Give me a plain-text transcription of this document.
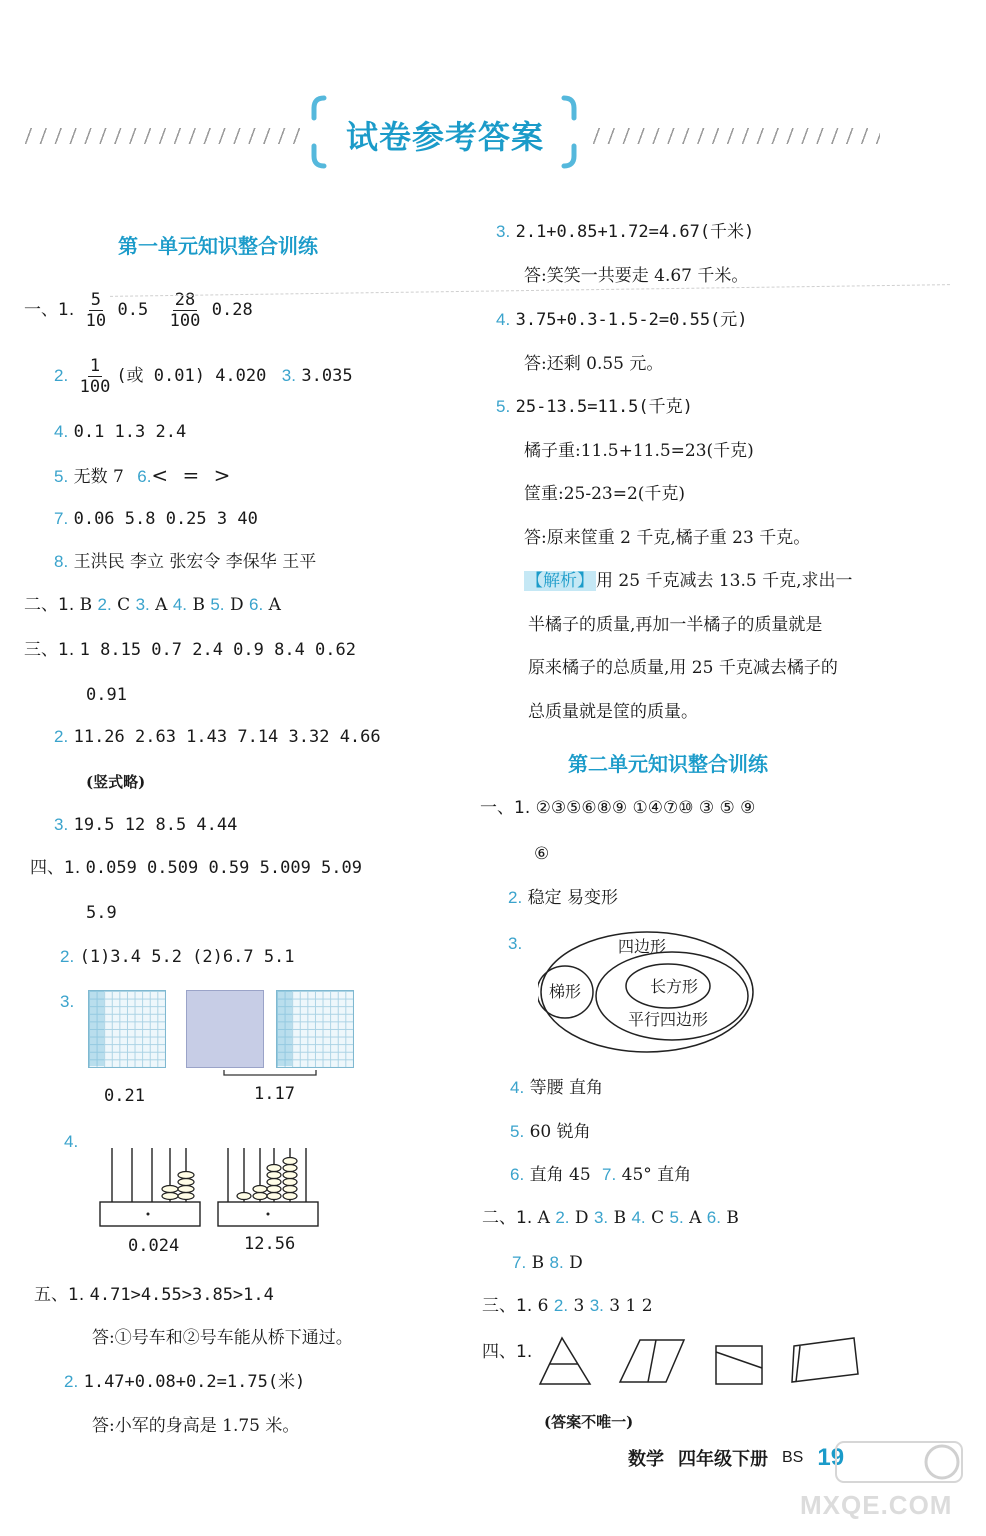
试卷参考答案
第一单元知识整合训练
一、1. $\frac{5}{10} 0.5 \frac{28}{100} 0.28$
2. $\frac{1}{100}$ (或 0.01) 4.020 3. 3.035
4. 0.1 1.3 2.4
5. 无数 7 6.< = >
7. 0.06 5.8 0.25 3 40
8. 王洪民 李立 张宏令 李保华 王平
二、1. B 2. C 3. A 4. B 5. D 6. A
三、1. 1 8.15 0.7 2.4 0.9 8.4 0.62
0.91
2. 11.26 2.63 1.43 7.14 3.32 4.66
(竖式略)
3. 19.5 12 8.5 4.44
四、1. 0.059 0.509 0.59 5.009 5.09
5.9
2. (1)3.4 5.2 (2)6.7 5.1
3.
0.21	1.17
4.
0.024	12.56
五、1. 4.71>4.55>3.85>1.4
答:①号车和②号车能从桥下通过。
2. 1.47+0.08+0.2=1.75(米)
答:小军的身高是 1.75 米。
3. 2.1+0.85+1.72=4.67(千米)
答:笑笑一共要走 4.67 千米。
4. 3.75+0.3-1.5-2=0.55(元)
答:还剩 0.55 元。
5. 25-13.5=11.5(千克)
橘子重:11.5+11.5=23(千克)
筐重:25-23=2(千克)
答:原来筐重 2 千克,橘子重 23 千克。
【解析】 用 25 千克减去 13.5 千克,求出一
半橘子的质量,再加一半橘子的质量就是
原来橘子的总质量,用 25 千克减去橘子的
总质量就是筐的质量。
第二单元知识整合训练
一、1. ②③⑤⑥⑧⑨ ①④⑦⑩ ③ ⑤ ⑨
⑥
2. 稳定 易变形
3.	四边形
梯形	长方形
平行四边形
4. 等腰 直角
5. 60 锐角
6. 直角 45 7. 45° 直角
二、1. A 2. D 3. B 4. C 5. A 6. B
7. B 8. D
三、1. 6 2. 3 3. 3 1 2
四、1.
(答案不唯一)
数学 四年级下册 BS 19
MXQE.COM
